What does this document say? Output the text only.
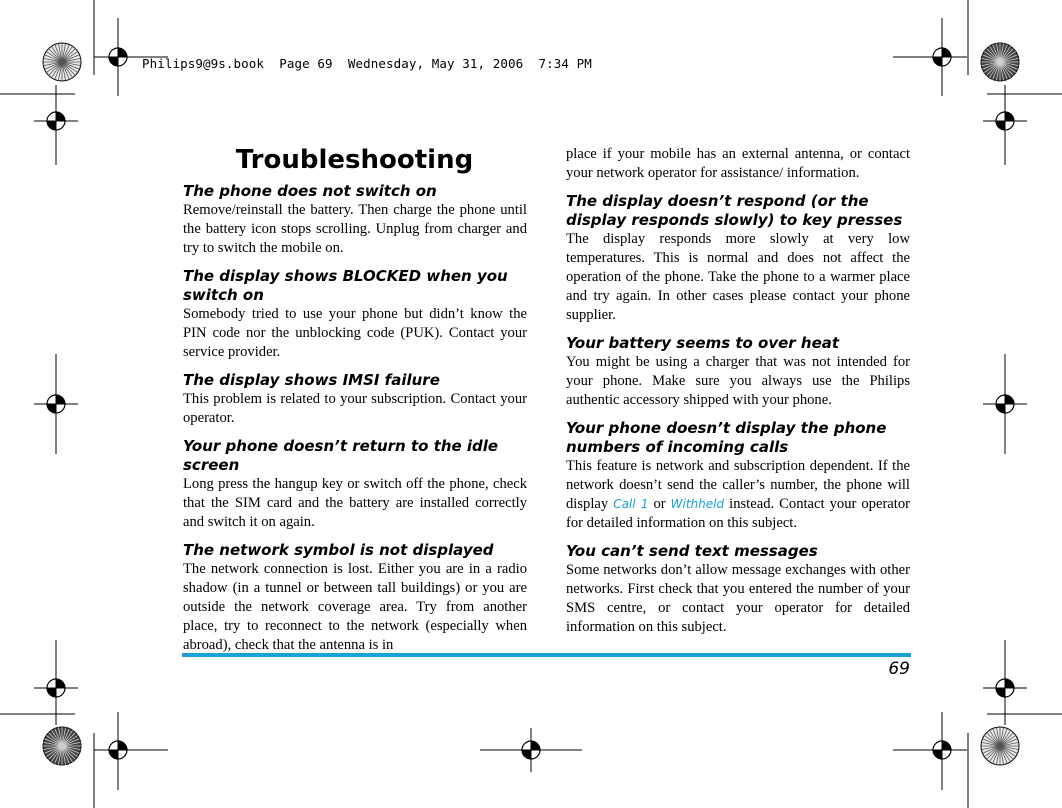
Philips9@9s.book  Page 69  Wednesday, May 31, 2006  7:34 PM
Troubleshooting
The phone does not switch on

Remove/reinstall the battery. Then charge the phone until the battery icon stops scrolling. Unplug from charger and try to switch the mobile on.

The display shows BLOCKED when you switch on

Somebody tried to use your phone but didn’t know the PIN code nor the unblocking code (PUK). Contact your service provider.

The display shows IMSI failure

This problem is related to your subscription. Contact your operator.

Your phone doesn’t return to the idle screen

Long press the hangup key or switch off the phone, check that the SIM card and the battery are installed correctly and switch it on again.

The network symbol is not displayed

The network connection is lost. Either you are in a radio shadow (in a tunnel or between tall buildings) or you are outside the network coverage area. Try from another place, try to reconnect to the network (especially when abroad), check that the antenna is in

place if your mobile has an external antenna, or contact your network operator for assistance/ information.

The display doesn’t respond (or the display responds slowly) to key presses

The display responds more slowly at very low temperatures. This is normal and does not affect the operation of the phone. Take the phone to a warmer place and try again. In other cases please contact your phone supplier.

Your battery seems to over heat

You might be using a charger that was not intended for your phone. Make sure you always use the Philips authentic accessory shipped with your phone.

Your phone doesn’t display the phone numbers of incoming calls

This feature is network and subscription dependent. If the network doesn’t send the caller’s number, the phone will display Call 1 or Withheld instead. Contact your operator for detailed information on this subject.

You can’t send text messages

Some networks don’t allow message exchanges with other networks. First check that you entered the number of your SMS centre, or contact your operator for detailed information on this subject.

69
